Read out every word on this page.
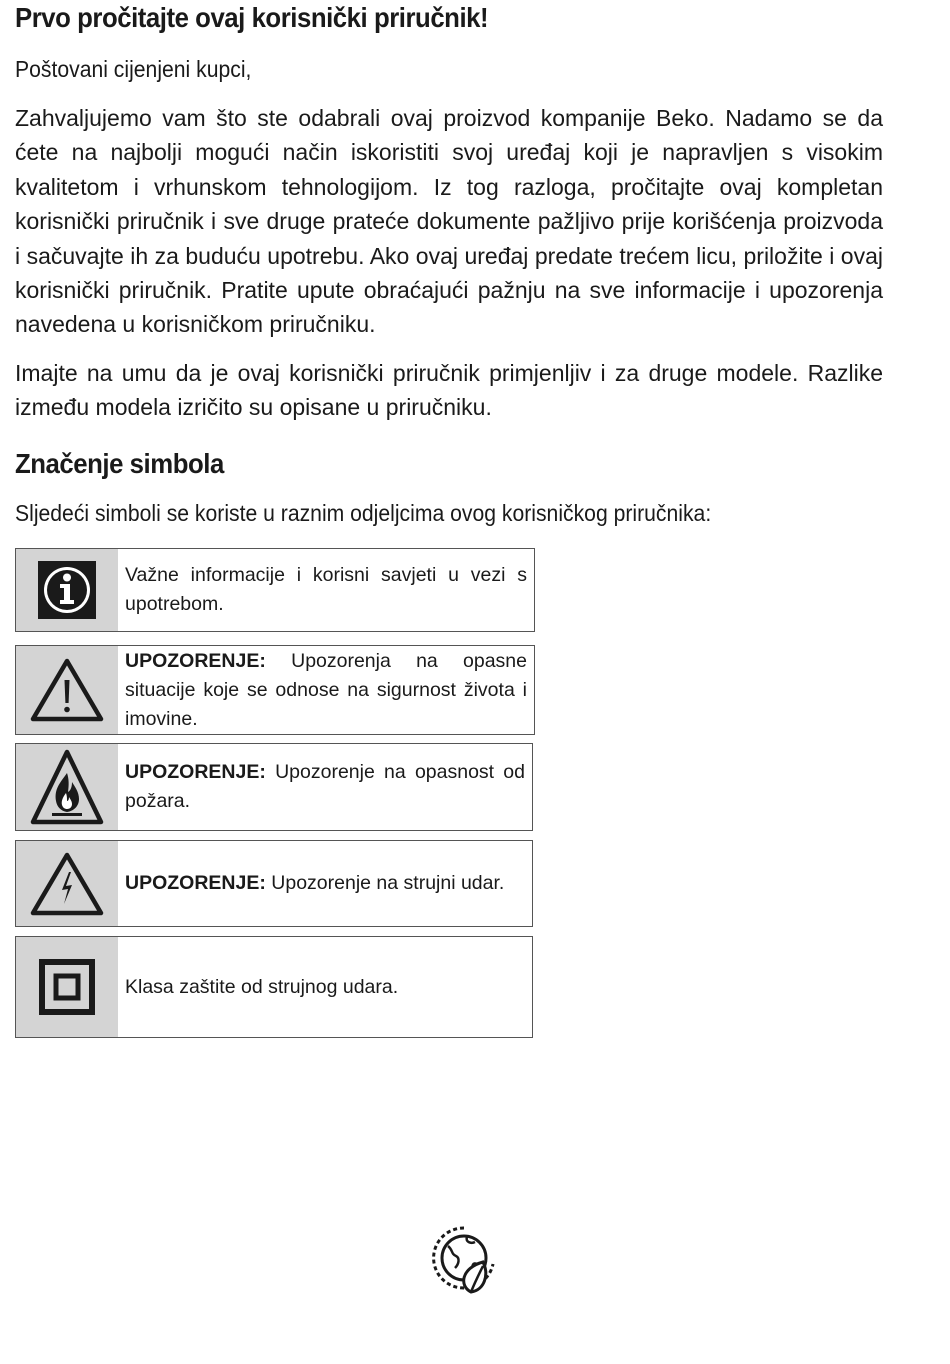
Prvo pročitajte ovaj korisnički priručnik!

Poštovani cijenjeni kupci,

Zahvaljujemo vam što ste odabrali ovaj proizvod kompanije Beko. Nadamo se da ćete na najbolji mogući način iskoristiti svoj uređaj koji je napravljen s visokim kvalitetom i vrhunskom tehnologijom. Iz tog razloga, pročitajte ovaj kompletan korisnički priručnik i sve druge prateće dokumente pažljivo prije korišćenja proizvoda i sačuvajte ih za buduću upotrebu. Ako ovaj uređaj predate trećem licu, priložite i ovaj korisnički priručnik. Pratite upute obraćajući pažnju na sve informacije i upozorenja navedena u korisničkom priručniku.

Imajte na umu da je ovaj korisnički priručnik primjenljiv i za druge modele. Razlike između modela izričito su opisane u priručniku.

Značenje simbola

Sljedeći simboli se koriste u raznim odjeljcima ovog korisničkog priručnika:

Važne informacije i korisni savjeti u vezi s upotrebom.
UPOZORENJE: Upozorenja na opasne situacije koje se odnose na sigurnost života i imovine.
UPOZORENJE: Upozorenje na opasnost od požara.
UPOZORENJE: Upozorenje na strujni udar.
Klasa zaštite od strujnog udara.
